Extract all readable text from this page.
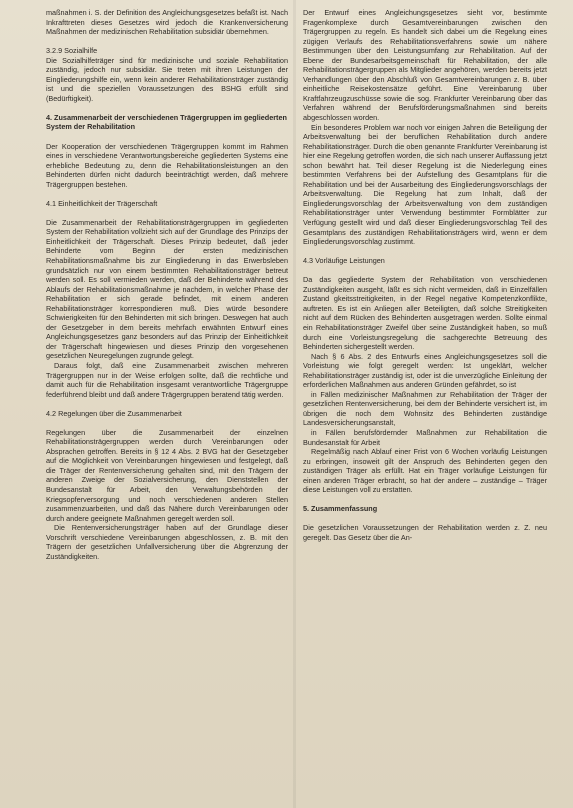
maßnahmen i. S. der Definition des Angleichungsgesetzes befaßt ist. Nach Inkrafttreten dieses Gesetzes wird jedoch die Krankenversicherung Maßnahmen der medizinischen Rehabilitation subsidiär übernehmen.

3.2.9 Sozialhilfe

Die Sozialhilfeträger sind für medizinische und soziale Rehabilitation zuständig, jedoch nur subsidiär. Sie treten mit ihren Leistungen der Eingliederungshilfe ein, wenn kein anderer Rehabilitationsträger zuständig ist und die speziellen Voraussetzungen des BSHG erfüllt sind (Bedürftigkeit).

4. Zusammenarbeit der verschiedenen Trägergruppen im gegliederten System der Rehabilitation

Der Kooperation der verschiedenen Trägergruppen kommt im Rahmen eines in verschiedene Verantwortungsbereiche gegliederten Systems eine erhebliche Bedeutung zu, denn die Rehabilitationsleistungen an den Behinderten dürfen nicht dadurch beeinträchtigt werden, daß mehrere Trägergruppen bestehen.

4.1 Einheitlichkeit der Trägerschaft

Die Zusammenarbeit der Rehabilitationsträgergruppen im gegliederten System der Rehabilitation vollzieht sich auf der Grundlage des Prinzips der Einheitlichkeit der Trägerschaft. Dieses Prinzip bedeutet, daß jeder Behinderte vom Beginn der ersten medizinischen Rehabilitationsmaßnahme bis zur Eingliederung in das Erwerbsleben grundsätzlich nur von einem bestimmten Rehabilitationsträger betreut werden soll. Es soll vermieden werden, daß der Behinderte während des Ablaufs der Rehabilitationsmaßnahme je nachdem, in welcher Phase der Rehabilitation er sich gerade befindet, mit einem anderen Rehabilitationsträger korrespondieren muß. Dies würde besondere Schwierigkeiten für den Behinderten mit sich bringen. Deswegen hat auch der Gesetzgeber in dem bereits mehrfach erwähnten Entwurf eines Angleichungsgesetzes ganz besonders auf das Prinzip der Einheitlichkeit der Trägerschaft hingewiesen und dieses Prinzip den vorgesehenen gesetzlichen Neuregelungen zugrunde gelegt.

Daraus folgt, daß eine Zusammenarbeit zwischen mehreren Trägergruppen nur in der Weise erfolgen sollte, daß die rechtliche und damit auch für die Rehabilitation insgesamt verantwortliche Trägergruppe federführend bleibt und daß andere Trägergruppen beratend tätig werden.

4.2 Regelungen über die Zusammenarbeit

Regelungen über die Zusammenarbeit der einzelnen Rehabilitationsträgergruppen werden durch Vereinbarungen oder Absprachen getroffen. Bereits in § 12 4 Abs. 2 BVG hat der Gesetzgeber auf die Möglichkeit von Vereinbarungen hingewiesen und festgelegt, daß die Träger der Rentenversicherung gehalten sind, mit den Trägern der anderen Zweige der Sozialversicherung, den Dienststellen der Bundesanstalt für Arbeit, den Verwaltungsbehörden der Kriegsopferversorgung und noch verschiedenen anderen Stellen zusammenzuarbeiten, und daß das Nähere durch Vereinbarungen oder durch andere geeignete Maßnahmen geregelt werden soll.

Die Rentenversicherungsträger haben auf der Grundlage dieser Vorschrift verschiedene Vereinbarungen abgeschlossen, z. B. mit den Trägern der gesetzlichen Unfallversicherung über die Abgrenzung der Zuständigkeiten.

Der Entwurf eines Angleichungsgesetzes sieht vor, bestimmte Fragenkomplexe durch Gesamtvereinbarungen zwischen den Trägergruppen zu regeln. Es handelt sich dabei um die Regelung eines zügigen Verlaufs des Rehabilitationsverfahrens sowie um nähere Bestimmungen über den Leistungsumfang zur Rehabilitation. Auf der Ebene der Bundesarbeitsgemeinschaft für Rehabilitation, der alle Rehabilitationsträgergruppen als Mitglieder angehören, werden bereits jetzt Verhandlungen über den Abschluß von Gesamtvereinbarungen z. B. über einheitliche Reisekostensätze geführt. Eine Vereinbarung über Kraftfahrzeugzuschüsse sowie die sog. Frankfurter Vereinbarung über das Verfahren während der Berufsförderungsmaßnahmen sind bereits abgeschlossen worden.

Ein besonderes Problem war noch vor einigen Jahren die Beteiligung der Arbeitsverwaltung bei der beruflichen Rehabilitation durch andere Rehabilitationsträger. Durch die oben genannte Frankfurter Vereinbarung ist hier eine Regelung getroffen worden, die sich nach unserer Auffassung jetzt schon bewährt hat. Teil dieser Regelung ist die Niederlegung eines bestimmten Verfahrens bei der Aufstellung des Gesamtplans für die Rehabilitation und bei der Ausarbeitung des Eingliederungsvorschlags der Arbeitsverwaltung. Die Regelung hat zum Inhalt, daß der Eingliederungsvorschlag der Arbeitsverwaltung von dem zuständigen Rehabilitationsträger unter Verwendung bestimmter Formblätter zur Verfügung gestellt wird und daß dieser Eingliederungsvorschlag Teil des Gesamtplans des zuständigen Rehabilitationsträgers wird, wenn er dem Eingliederungsvorschlag zustimmt.

4.3 Vorläufige Leistungen

Da das gegliederte System der Rehabilitation von verschiedenen Zuständigkeiten ausgeht, läßt es sich nicht vermeiden, daß in Einzelfällen Zustand gkeitsstreitigkeiten, in der Regel negative Kompetenzkonflikte, auftreten. Es ist ein Anliegen aller Beteiligten, daß solche Streitigkeiten nicht auf dem Rücken des Behinderten ausgetragen werden. Sollte einmal ein Rehabilitationsträger Zweifel über seine Zuständigkeit haben, so muß durch eine Vorleistungsregelung die sachgerechte Betreuung des Behinderten sichergestellt werden.

Nach § 6 Abs. 2 des Entwurfs eines Angleichungsgesetzes soll die Vorleistung wie folgt geregelt werden: Ist ungeklärt, welcher Rehabilitationsträger zuständig ist, oder ist die unverzügliche Einleitung der erforderlichen Maßnahmen aus anderen Gründen gefährdet, so ist

in Fällen medizinischer Maßnahmen zur Rehabilitation der Träger der gesetzlichen Rentenversicherung, bei dem der Behinderte versichert ist, im übrigen die noch dem Wohnsitz des Behinderten zuständige Landesversicherungsanstalt,

in Fällen berufsfördernder Maßnahmen zur Rehabilitation die Bundesanstalt für Arbeit

Regelmäßig nach Ablauf einer Frist von 6 Wochen vorläufig Leistungen zu erbringen, insoweit gilt der Anspruch des Behinderten gegen den zuständigen Träger als erfüllt. Hat ein Träger vorläufige Leistungen für einen anderen Träger erbracht, so hat der andere – zuständige – Träger diese Leistungen voll zu erstatten.

5. Zusammenfassung

Die gesetzlichen Voraussetzungen der Rehabilitation werden z. Z. neu geregelt. Das Gesetz über die An-
